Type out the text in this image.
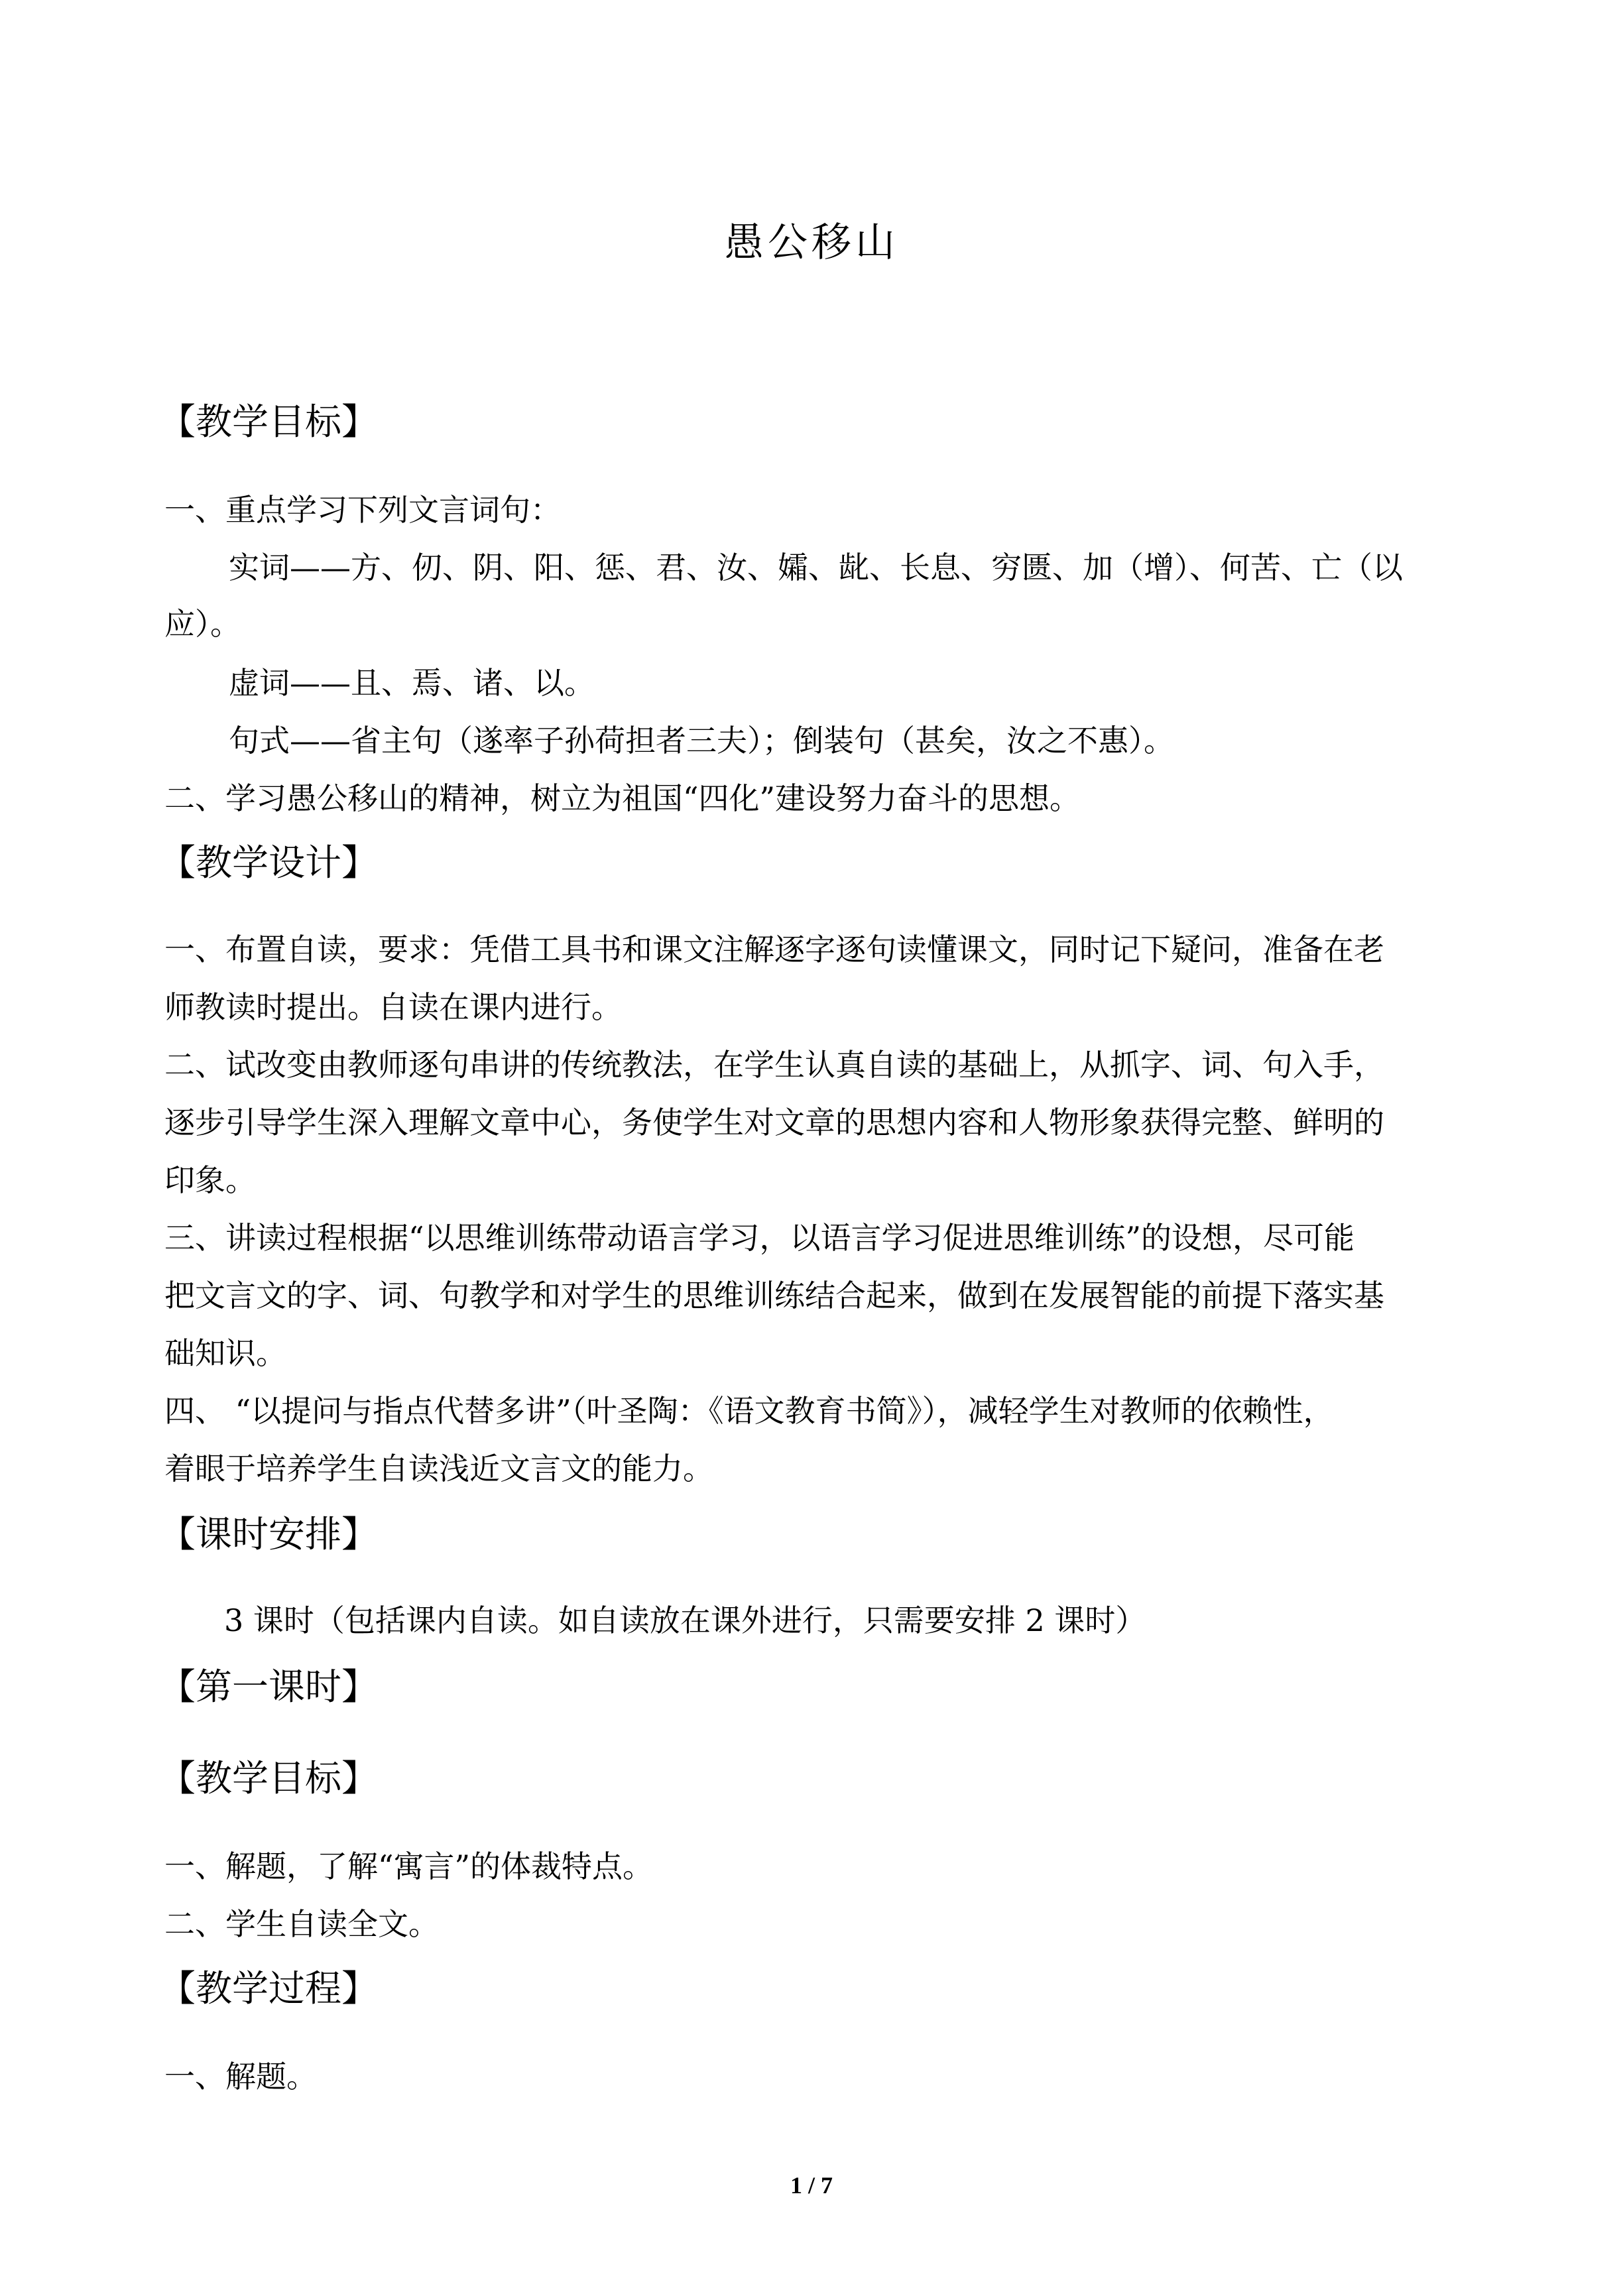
愚公移山
【教学目标】
一、重点学习下列文言词句：
实词——方、仞、阴、阳、惩、君、汝、孀、龀、长息、穷匮、加（增）、何苦、亡（以
应）。
虚词——且、焉、诸、以。
句式——省主句（遂率子孙荷担者三夫）；倒装句（甚矣，汝之不惠）。
二、学习愚公移山的精神，树立为祖国“四化”建设努力奋斗的思想。
【教学设计】
一、布置自读，要求：凭借工具书和课文注解逐字逐句读懂课文，同时记下疑问，准备在老
师教读时提出。自读在课内进行。
二、试改变由教师逐句串讲的传统教法，在学生认真自读的基础上，从抓字、词、句入手，
逐步引导学生深入理解文章中心，务使学生对文章的思想内容和人物形象获得完整、鲜明的
印象。
三、讲读过程根据“以思维训练带动语言学习，以语言学习促进思维训练”的设想，尽可能
把文言文的字、词、句教学和对学生的思维训练结合起来，做到在发展智能的前提下落实基
础知识。
四、 “以提问与指点代替多讲”（叶圣陶：《语文教育书简》），减轻学生对教师的依赖性，
着眼于培养学生自读浅近文言文的能力。
【课时安排】
3 课时（包括课内自读。如自读放在课外进行，只需要安排 2 课时）
【第一课时】
【教学目标】
一、解题，了解“寓言”的体裁特点。
二、学生自读全文。
【教学过程】
一、解题。
1 / 7
